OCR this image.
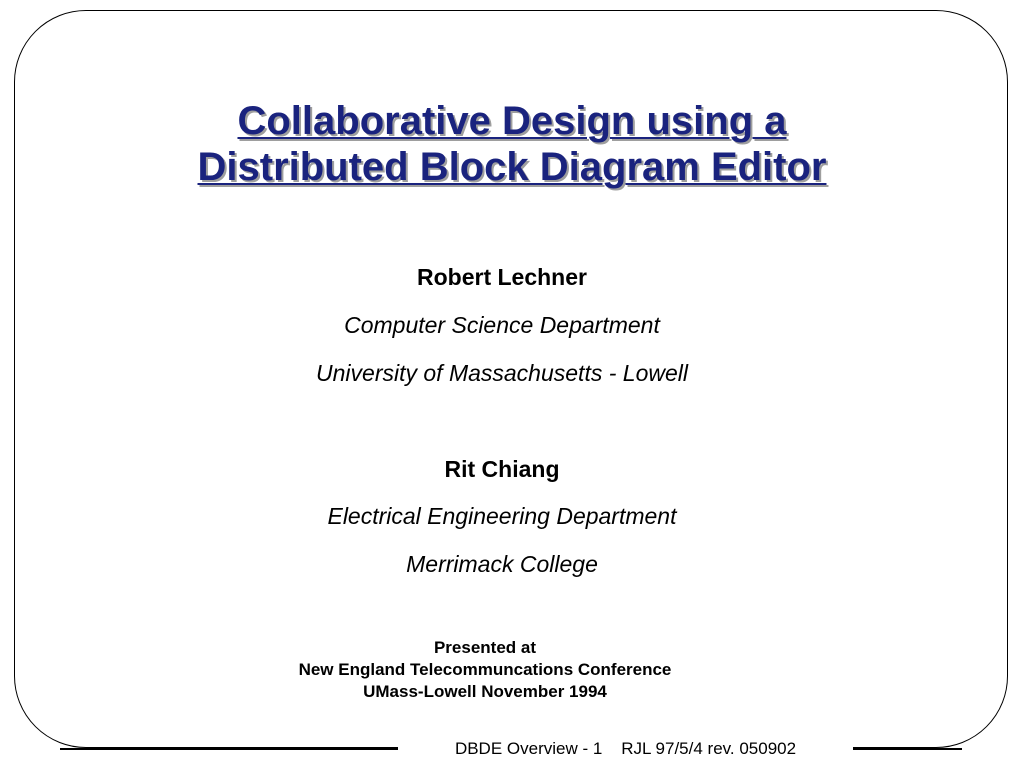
Collaborative Design using a
Distributed Block Diagram Editor
Robert Lechner
Computer Science Department
University of Massachusetts - Lowell
Rit Chiang
Electrical Engineering Department
Merrimack College
Presented at
New England Telecommuncations Conference
UMass-Lowell November 1994
DBDE Overview - 1 RJL 97/5/4 rev. 050902
